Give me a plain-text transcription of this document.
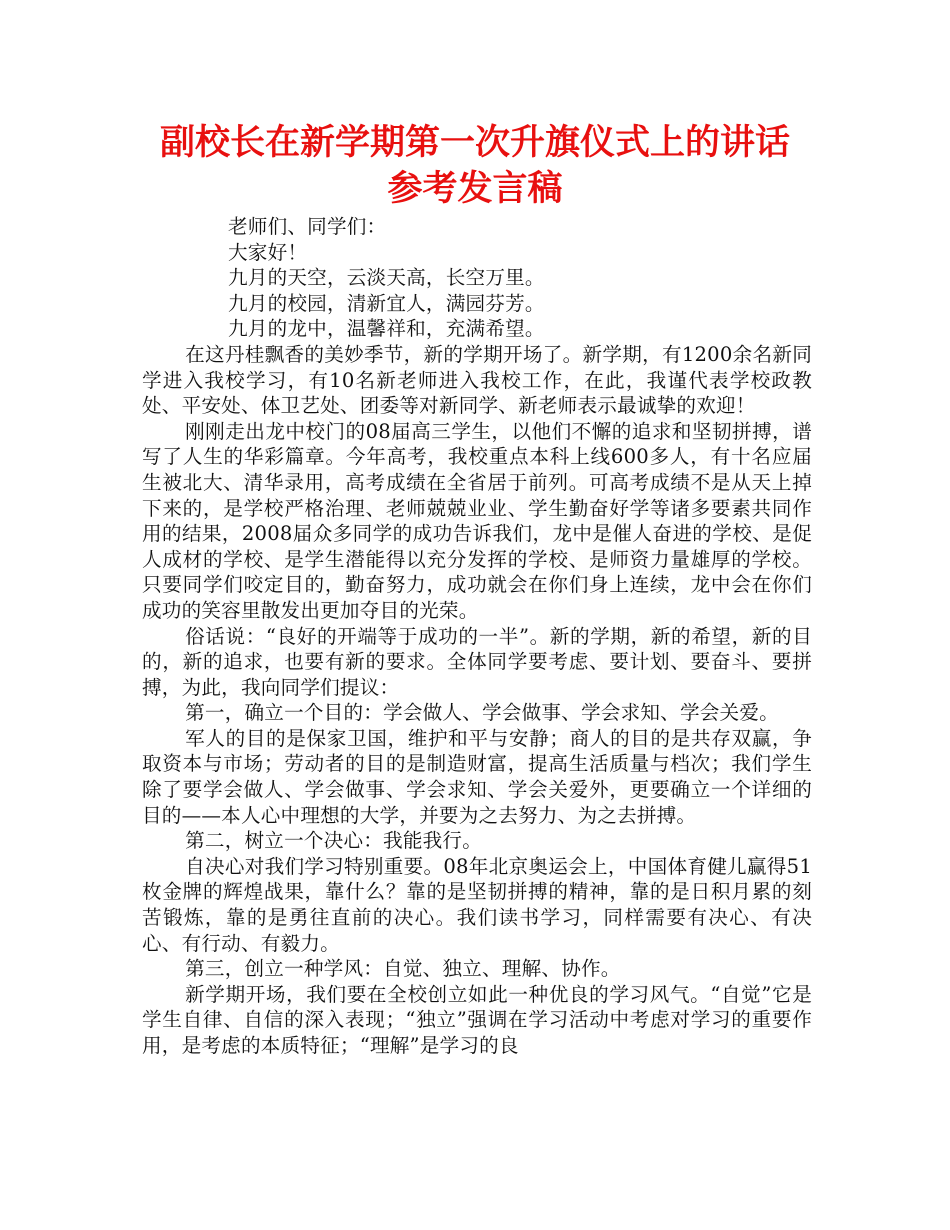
副校长在新学期第一次升旗仪式上的讲话
参考发言稿

老师们、同学们：

大家好！

九月的天空，云淡天高，长空万里。

九月的校园，清新宜人，满园芬芳。

九月的龙中，温馨祥和，充满希望。

在这丹桂飘香的美妙季节，新的学期开场了。新学期，有1200余名新同学进入我校学习，有10名新老师进入我校工作，在此，我谨代表学校政教处、平安处、体卫艺处、团委等对新同学、新老师表示最诚挚的欢迎！

刚刚走出龙中校门的08届高三学生，以他们不懈的追求和坚韧拼搏，谱写了人生的华彩篇章。今年高考，我校重点本科上线600多人，有十名应届生被北大、清华录用，高考成绩在全省居于前列。可高考成绩不是从天上掉下来的，是学校严格治理、老师兢兢业业、学生勤奋好学等诸多要素共同作用的结果，2008届众多同学的成功告诉我们，龙中是催人奋进的学校、是促人成材的学校、是学生潜能得以充分发挥的学校、是师资力量雄厚的学校。只要同学们咬定目的，勤奋努力，成功就会在你们身上连续，龙中会在你们成功的笑容里散发出更加夺目的光荣。

俗话说：“良好的开端等于成功的一半”。新的学期，新的希望，新的目的，新的追求，也要有新的要求。全体同学要考虑、要计划、要奋斗、要拼搏，为此，我向同学们提议：

第一，确立一个目的：学会做人、学会做事、学会求知、学会关爱。

军人的目的是保家卫国，维护和平与安静；商人的目的是共存双赢，争取资本与市场；劳动者的目的是制造财富，提高生活质量与档次；我们学生除了要学会做人、学会做事、学会求知、学会关爱外，更要确立一个详细的目的——本人心中理想的大学，并要为之去努力、为之去拼搏。

第二，树立一个决心：我能我行。

自决心对我们学习特别重要。08年北京奥运会上，中国体育健儿赢得51枚金牌的辉煌战果，靠什么？靠的是坚韧拼搏的精神，靠的是日积月累的刻苦锻炼，靠的是勇往直前的决心。我们读书学习，同样需要有决心、有决心、有行动、有毅力。

第三，创立一种学风：自觉、独立、理解、协作。

新学期开场，我们要在全校创立如此一种优良的学习风气。“自觉”它是学生自律、自信的深入表现；“独立”强调在学习活动中考虑对学习的重要作用，是考虑的本质特征；“理解”是学习的良
